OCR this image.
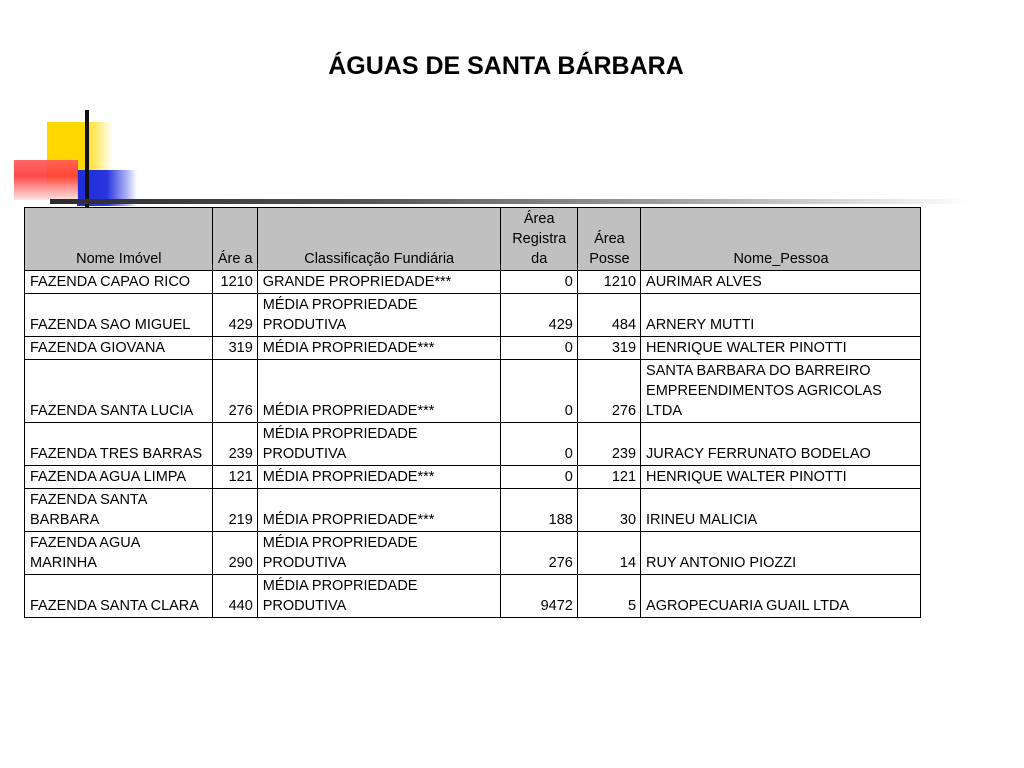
ÁGUAS DE SANTA BÁRBARA
Nome Imóvel	Áre a	Classificação Fundiária	Área Registra da	Área Posse	Nome_Pessoa
FAZENDA CAPAO RICO	1210	GRANDE PROPRIEDADE***	0	1210	AURIMAR ALVES
FAZENDA SAO MIGUEL	429	MÉDIA PROPRIEDADE PRODUTIVA	429	484	ARNERY MUTTI
FAZENDA GIOVANA	319	MÉDIA PROPRIEDADE***	0	319	HENRIQUE WALTER PINOTTI
FAZENDA SANTA LUCIA	276	MÉDIA PROPRIEDADE***	0	276	SANTA BARBARA DO BARREIRO EMPREENDIMENTOS AGRICOLAS LTDA
FAZENDA TRES BARRAS	239	MÉDIA PROPRIEDADE PRODUTIVA	0	239	JURACY FERRUNATO BODELAO
FAZENDA AGUA LIMPA	121	MÉDIA PROPRIEDADE***	0	121	HENRIQUE WALTER PINOTTI
FAZENDA SANTA BARBARA	219	MÉDIA PROPRIEDADE***	188	30	IRINEU MALICIA
FAZENDA AGUA MARINHA	290	MÉDIA PROPRIEDADE PRODUTIVA	276	14	RUY ANTONIO PIOZZI
FAZENDA SANTA CLARA	440	MÉDIA PROPRIEDADE PRODUTIVA	9472	5	AGROPECUARIA GUAIL LTDA
